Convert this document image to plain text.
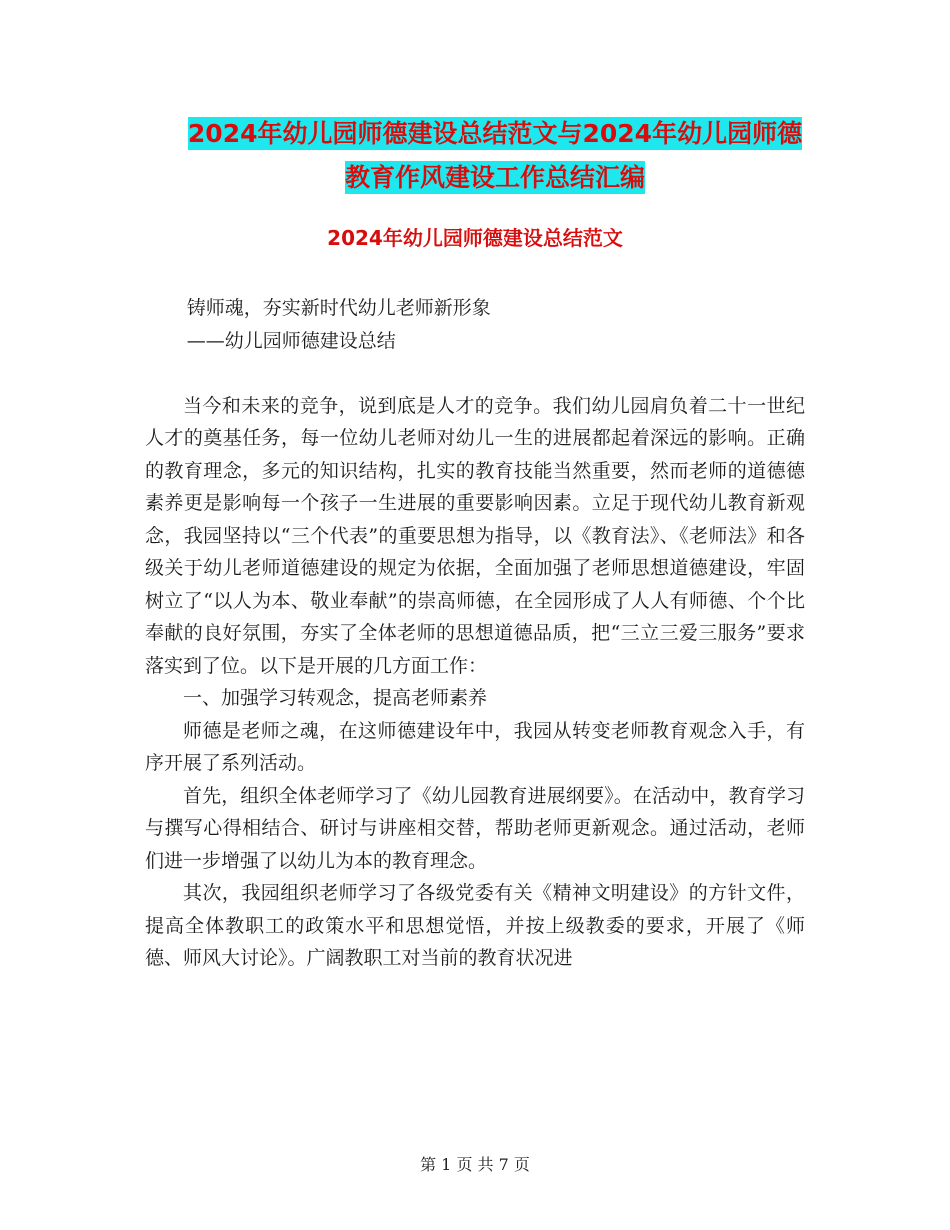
2024年幼儿园师德建设总结范文与2024年幼儿园师德
教育作风建设工作总结汇编
2024年幼儿园师德建设总结范文

铸师魂，夯实新时代幼儿老师新形象

——幼儿园师德建设总结

当今和未来的竞争，说到底是人才的竞争。我们幼儿园肩负着二十一世纪人才的奠基任务，每一位幼儿老师对幼儿一生的进展都起着深远的影响。正确的教育理念，多元的知识结构，扎实的教育技能当然重要，然而老师的道德德素养更是影响每一个孩子一生进展的重要影响因素。立足于现代幼儿教育新观念，我园坚持以“三个代表”的重要思想为指导，以《教育法》、《老师法》和各级关于幼儿老师道德建设的规定为依据，全面加强了老师思想道德建设，牢固树立了“以人为本、敬业奉献”的崇高师德，在全园形成了人人有师德、个个比奉献的良好氛围，夯实了全体老师的思想道德品质，把“三立三爱三服务”要求落实到了位。以下是开展的几方面工作：

一、加强学习转观念，提高老师素养

师德是老师之魂，在这师德建设年中，我园从转变老师教育观念入手，有序开展了系列活动。

首先，组织全体老师学习了《幼儿园教育进展纲要》。在活动中，教育学习与撰写心得相结合、研讨与讲座相交替，帮助老师更新观念。通过活动，老师们进一步增强了以幼儿为本的教育理念。

其次，我园组织老师学习了各级党委有关《精神文明建设》的方针文件，提高全体教职工的政策水平和思想觉悟，并按上级教委的要求，开展了《师德、师风大讨论》。广阔教职工对当前的教育状况进

第 1 页 共 7 页
